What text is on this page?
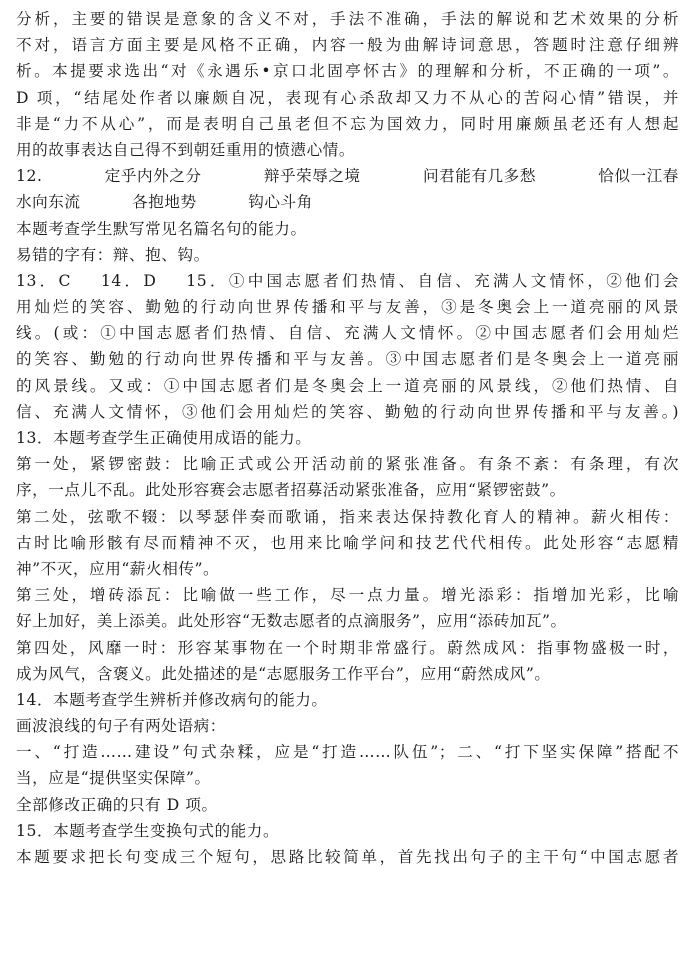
分析，主要的错误是意象的含义不对，手法不准确，手法的解说和艺术效果的分析
不对，语言方面主要是风格不正确，内容一般为曲解诗词意思，答题时注意仔细辨
析。本提要求选出“对《永遇乐•京口北固亭怀古》的理解和分析，不正确的一项”。
D 项，“结尾处作者以廉颇自况，表现有心杀敌却又力不从心的苦闷心情”错误，并
非是“力不从心”，而是表明自己虽老但不忘为国效力，同时用廉颇虽老还有人想起
用的故事表达自己得不到朝廷重用的愤懑心情。
12.	定乎内外之分	辩乎荣辱之境	问君能有几多愁	恰似一江春
水向东流	各抱地势	钩心斗角
本题考查学生默写常见名篇名句的能力。
易错的字有：辩、抱、钩。
13．C　 14．D　 15．①中国志愿者们热情、自信、充满人文情怀，②他们会
用灿烂的笑容、勤勉的行动向世界传播和平与友善，③是冬奥会上一道亮丽的风景
线。(或：①中国志愿者们热情、自信、充满人文情怀。②中国志愿者们会用灿烂
的笑容、勤勉的行动向世界传播和平与友善。③中国志愿者们是冬奥会上一道亮丽
的风景线。又或：①中国志愿者们是冬奥会上一道亮丽的风景线，②他们热情、自
信、充满人文情怀，③他们会用灿烂的笑容、勤勉的行动向世界传播和平与友善。)
13．本题考查学生正确使用成语的能力。
第一处，紧锣密鼓：比喻正式或公开活动前的紧张准备。有条不紊：有条理，有次
序，一点儿不乱。此处形容赛会志愿者招募活动紧张准备，应用“紧锣密鼓”。
第二处，弦歌不辍：以琴瑟伴奏而歌诵，指来表达保持教化育人的精神。薪火相传：
古时比喻形骸有尽而精神不灭，也用来比喻学问和技艺代代相传。此处形容“志愿精
神”不灭，应用“薪火相传”。
第三处，增砖添瓦：比喻做一些工作，尽一点力量。增光添彩：指增加光彩，比喻
好上加好，美上添美。此处形容“无数志愿者的点滴服务”，应用“添砖加瓦”。
第四处，风靡一时：形容某事物在一个时期非常盛行。蔚然成风：指事物盛极一时，
成为风气，含褒义。此处描述的是“志愿服务工作平台”，应用“蔚然成风”。
14．本题考查学生辨析并修改病句的能力。
画波浪线的句子有两处语病：
一、“打造……建设”句式杂糅，应是“打造……队伍”；二、“打下坚实保障”搭配不
当，应是“提供坚实保障”。
全部修改正确的只有 D 项。
15．本题考查学生变换句式的能力。
本题要求把长句变成三个短句，思路比较简单，首先找出句子的主干句“中国志愿者
